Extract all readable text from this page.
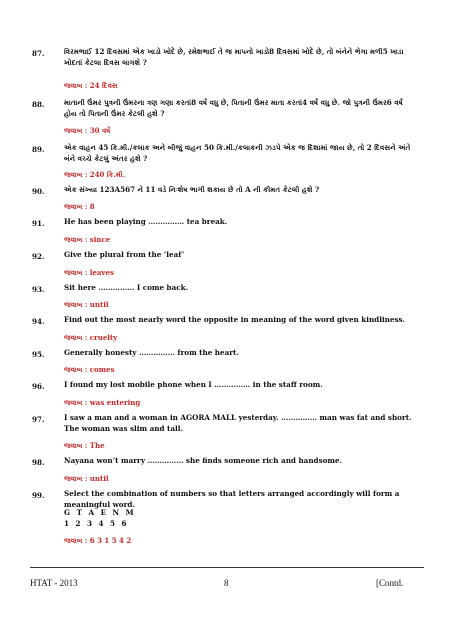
87.	વિરમભાઈ 12 દિવસમાં એક ખાડો ખોદે છે, રમેશભાઈ તે જ માપનો ખાડો8 દિવસમાં ખોદે છે, તો બંનેને ભેગા મળી5 ખાડા ખોદતાં કેટલા દિવસ લાગશે ?
જવાબ : 24 દિવસ
88.	માતાની ઉંમર પુત્રની ઉંમરના ત્રણ ગણા કરતાં8 વર્ષ વધુ છે, પિતાની ઉંમર માતા કરતાં4 વર્ષ વધુ છે. જો પુત્રની ઉંમર6 વર્ષ હોય તો પિતાની ઉંમર કેટલી હશે ?
જવાબ : 30 વર્ષ
89.	એક વાહન 45 કિ.મી./કલાક અને બીજું વાહન 50 કિ.મી./કલાકની ઝડપે એક જ દિશામાં જાય છે, તો 2 દિવસને અંતે બંને વચ્ચે કેટલું અંતર હશે ?
જવાબ : 240 કિ.મી.
90.	એક સંખ્યા 123A567 ને 11 વડે નિઃશેષ ભાગી શકાય છે તો A ની કીમત કેટલી હશે ?
જવાબ : 8
91.	He has been playing …………… tea break.
જવાબ : since
92.	Give the plural from the ‘leaf’
જવાબ : leaves
93.	Sit here …………… I come back.
જવાબ : until
94.	Find out the most nearly word the opposite in meaning of the word given kindliness.
જવાબ : cruelty
95.	Generally honesty …………… from the heart.
જવાબ : comes
96.	I found my lost mobile phone when I …………… in the staff room.
જવાબ : was entering
97.	I saw a man and a woman in AGORA MALL yesterday. …………… man was fat and short. The woman was slim and tall.
જવાબ : The
98.	Nayana won’t marry …………… she finds someone rich and handsome.
જવાબ : until
99.	Select the combination of numbers so that letters arranged accordingly will form a meaningful word.
G T A E N M
1 2 3 4 5 6
જવાબ : 6 3 1 5 4 2
HTAT - 2013	8	[Contd.
